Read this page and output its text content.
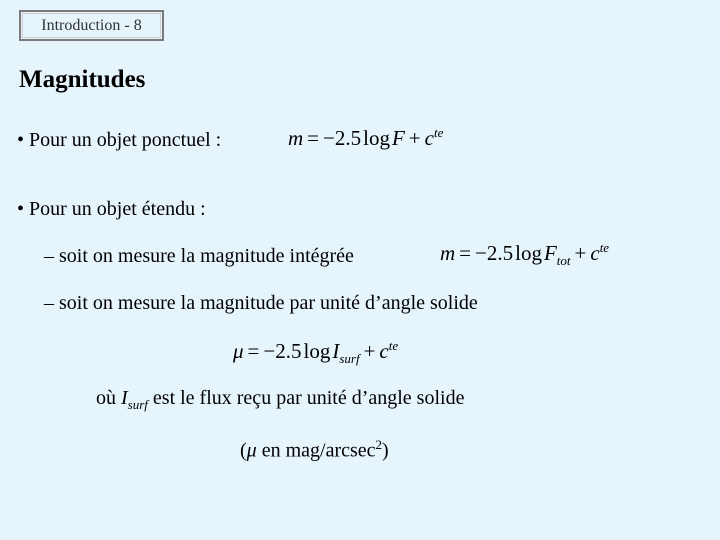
Introduction - 8
Magnitudes
• Pour un objet ponctuel :	$m = -2.5\log F + c^{te}$
• Pour un objet étendu :
– soit on mesure la magnitude intégrée	$m = -2.5\log F_{tot} + c^{te}$
– soit on mesure la magnitude par unité d’angle solide
$\mu = -2.5\log I_{surf} + c^{te}$
où $I_{surf}$ est le flux reçu par unité d’angle solide
(μ en mag/arcsec$^2$)
